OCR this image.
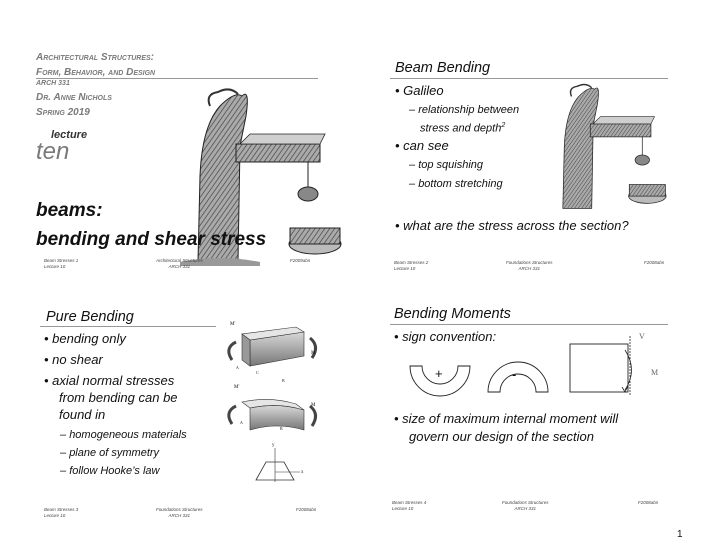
Architectural Structures:
Form, Behavior, and Design
ARCH 331
Dr. Anne Nichols
Spring 2019
lecture
ten
beams:
bending and shear stress
Beam Stresses 1
Lecture 10
Architectural Structures
ARCH 331
F2009abn
Beam Bending
• Galileo
– relationship between
stress and depth$^2$
• can see
– top squishing
– bottom stretching
• what are the stress across the section?
Beam Stresses 2
Lecture 10
Foundations Structures
ARCH 331
F2008abn
Pure Bending
• bending only
• no shear
• axial normal stresses
from bending can be
found in
– homogeneous materials
– plane of symmetry
– follow Hooke’s law
M'
M
A
C
B
M'
M
A
B
y
x
Beam Stresses 3
Lecture 10
Foundations Structures
ARCH 331
F2008abn
Bending Moments
• sign convention:
+	-
V
M
• size of maximum internal moment will
govern our design of the section
Beam Stresses 4
Lecture 10
Foundations Structures
ARCH 331
F2008abn
1
